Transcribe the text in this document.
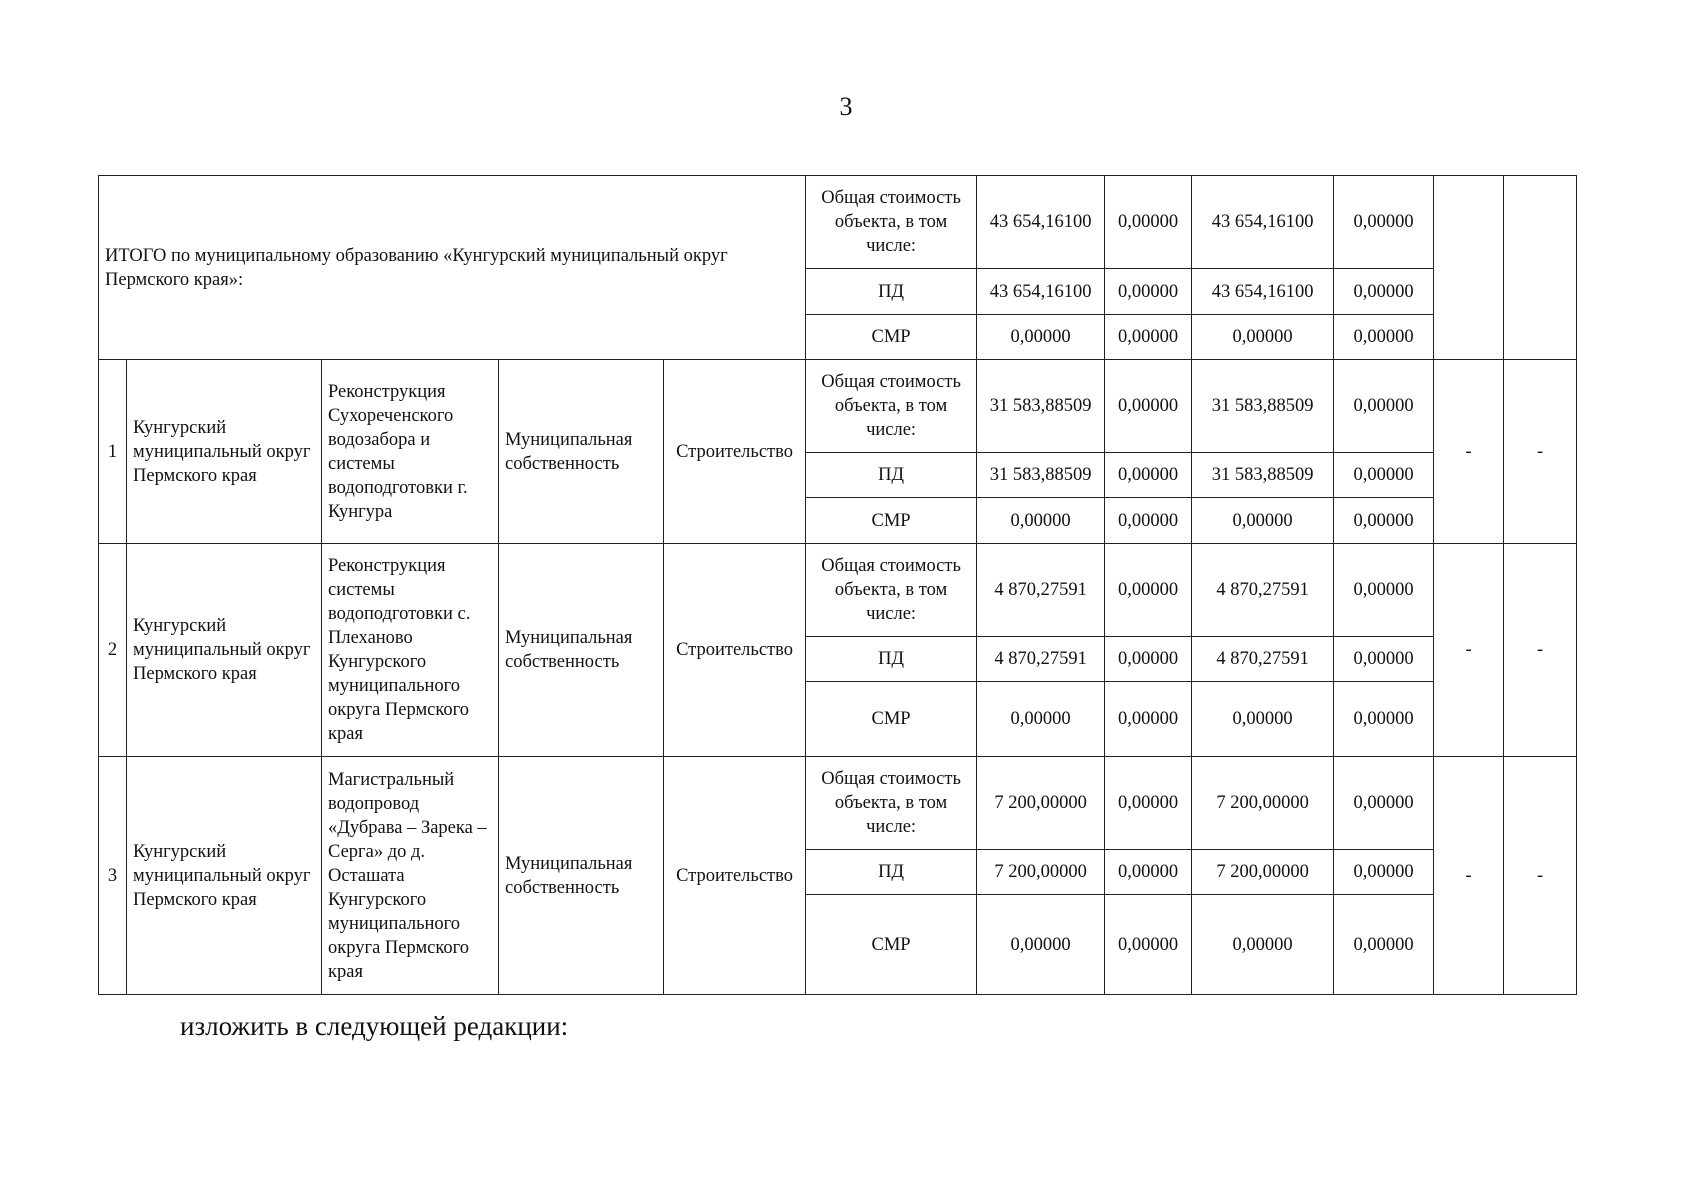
3
ИТОГО по муниципальному образованию «Кунгурский муниципальный округ Пермского края»:					Общая стоимость объекта, в том числе:	43 654,16100	0,00000	43 654,16100	0,00000		
					ПД	43 654,16100	0,00000	43 654,16100	0,00000		
					СМР	0,00000	0,00000	0,00000	0,00000		
1	Кунгурский муниципальный округ Пермского края	Реконструкция Сухореченского водозабора и системы водоподготовки г. Кунгура	Муниципальная собственность	Строительство	Общая стоимость объекта, в том числе:	31 583,88509	0,00000	31 583,88509	0,00000	-	-
					ПД	31 583,88509	0,00000	31 583,88509	0,00000		
					СМР	0,00000	0,00000	0,00000	0,00000		
2	Кунгурский муниципальный округ Пермского края	Реконструкция системы водоподготовки с. Плеханово Кунгурского муниципального округа Пермского края	Муниципальная собственность	Строительство	Общая стоимость объекта, в том числе:	4 870,27591	0,00000	4 870,27591	0,00000	-	-
					ПД	4 870,27591	0,00000	4 870,27591	0,00000		
					СМР	0,00000	0,00000	0,00000	0,00000		
3	Кунгурский муниципальный округ Пермского края	Магистральный водопровод «Дубрава – Зарека – Серга» до д. Осташата Кунгурского муниципального округа Пермского края	Муниципальная собственность	Строительство	Общая стоимость объекта, в том числе:	7 200,00000	0,00000	7 200,00000	0,00000	-	-
					ПД	7 200,00000	0,00000	7 200,00000	0,00000		
					СМР	0,00000	0,00000	0,00000	0,00000		
изложить в следующей редакции:
